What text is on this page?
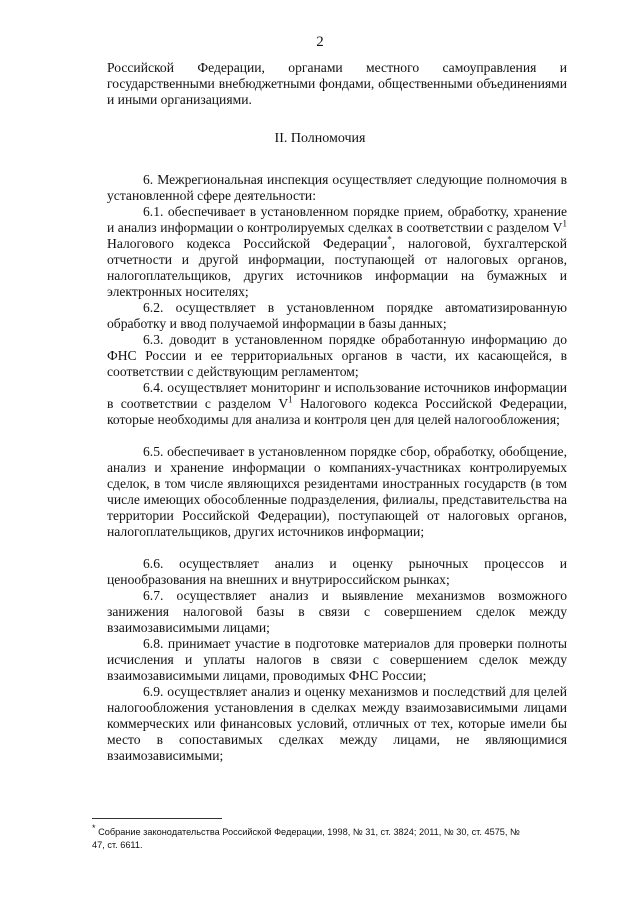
2
Российской Федерации, органами местного самоуправления и государственными внебюджетными фондами, общественными объединениями и иными организациями.
II. Полномочия
6. Межрегиональная инспекция осуществляет следующие полномочия в установленной сфере деятельности:
6.1. обеспечивает в установленном порядке прием, обработку, хранение и анализ информации о контролируемых сделках в соответствии с разделом $V^1$ Налогового кодекса Российской Федерации*, налоговой, бухгалтерской отчетности и другой информации, поступающей от налоговых органов, налогоплательщиков, других источников информации на бумажных и электронных носителях;
6.2. осуществляет в установленном порядке автоматизированную обработку и ввод получаемой информации в базы данных;
6.3. доводит в установленном порядке обработанную информацию до ФНС России и ее территориальных органов в части, их касающейся, в соответствии с действующим регламентом;
6.4. осуществляет мониторинг и использование источников информации в соответствии с разделом $V^1$ Налогового кодекса Российской Федерации, которые необходимы для анализа и контроля цен для целей налогообложения;
6.5. обеспечивает в установленном порядке сбор, обработку, обобщение, анализ и хранение информации о компаниях-участниках контролируемых сделок, в том числе являющихся резидентами иностранных государств (в том числе имеющих обособленные подразделения, филиалы, представительства на территории Российской Федерации), поступающей от налоговых органов, налогоплательщиков, других источников информации;
6.6. осуществляет анализ и оценку рыночных процессов и ценообразования на внешних и внутрироссийском рынках;
6.7. осуществляет анализ и выявление механизмов возможного занижения налоговой базы в связи с совершением сделок между взаимозависимыми лицами;
6.8. принимает участие в подготовке материалов для проверки полноты исчисления и уплаты налогов в связи с совершением сделок между взаимозависимыми лицами, проводимых ФНС России;
6.9. осуществляет анализ и оценку механизмов и последствий для целей налогообложения установления в сделках между взаимозависимыми лицами коммерческих или финансовых условий, отличных от тех, которые имели бы место в сопоставимых сделках между лицами, не являющимися взаимозависимыми;
* Собрание законодательства Российской Федерации, 1998, № 31, ст. 3824; 2011, № 30, ст. 4575, № 47, ст. 6611.
